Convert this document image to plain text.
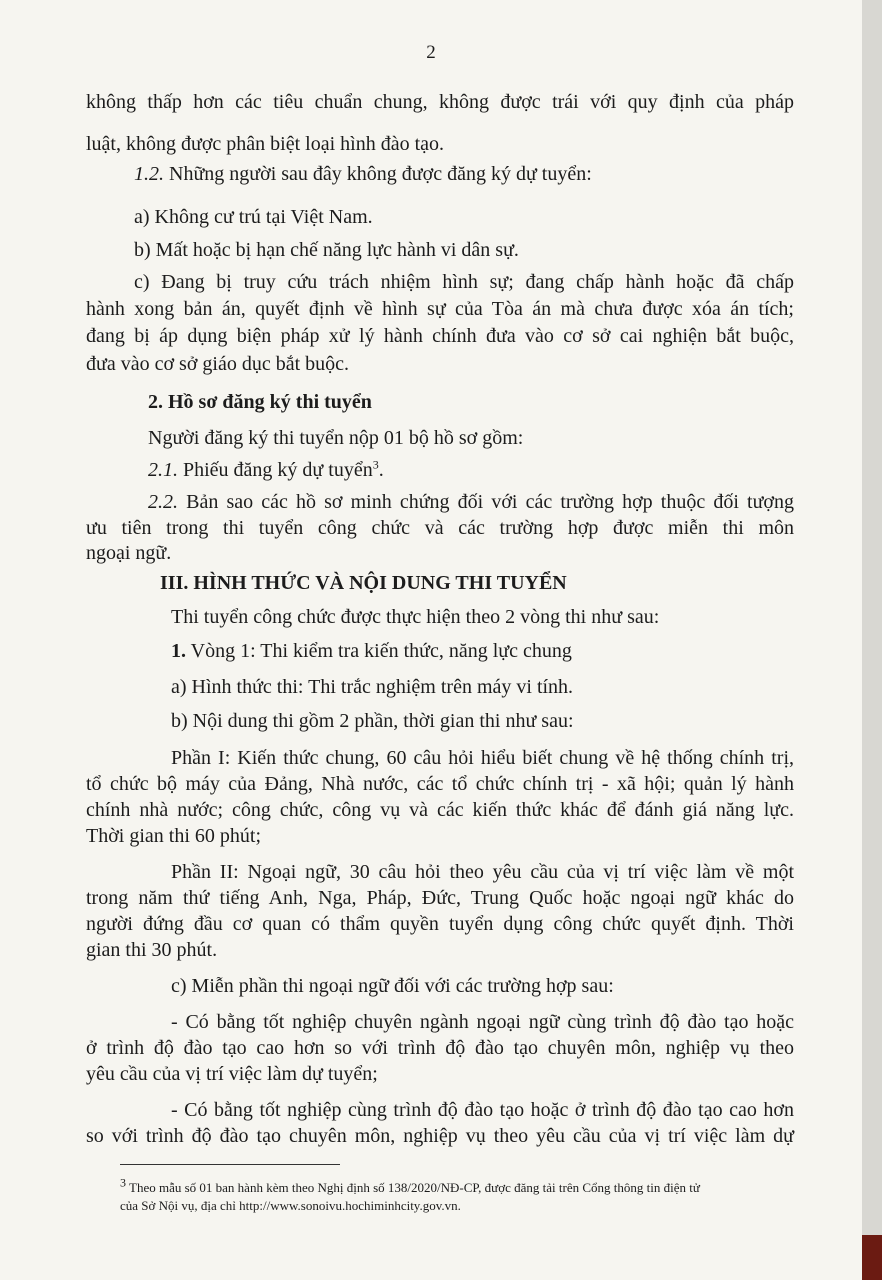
2
không thấp hơn các tiêu chuẩn chung, không được trái với quy định của pháp
luật, không được phân biệt loại hình đào tạo.
1.2. Những người sau đây không được đăng ký dự tuyển:
a) Không cư trú tại Việt Nam.
b) Mất hoặc bị hạn chế năng lực hành vi dân sự.
c) Đang bị truy cứu trách nhiệm hình sự; đang chấp hành hoặc đã chấp
hành xong bản án, quyết định về hình sự của Tòa án mà chưa được xóa án tích;
đang bị áp dụng biện pháp xử lý hành chính đưa vào cơ sở cai nghiện bắt buộc,
đưa vào cơ sở giáo dục bắt buộc.
2. Hồ sơ đăng ký thi tuyển
Người đăng ký thi tuyển nộp 01 bộ hồ sơ gồm:
2.1. Phiếu đăng ký dự tuyển$^3$.
2.2. Bản sao các hồ sơ minh chứng đối với các trường hợp thuộc đối tượng
ưu tiên trong thi tuyển công chức và các trường hợp được miễn thi môn
ngoại ngữ.
III. HÌNH THỨC VÀ NỘI DUNG THI TUYỂN
Thi tuyển công chức được thực hiện theo 2 vòng thi như sau:
1. Vòng 1: Thi kiểm tra kiến thức, năng lực chung
a) Hình thức thi: Thi trắc nghiệm trên máy vi tính.
b) Nội dung thi gồm 2 phần, thời gian thi như sau:
Phần I: Kiến thức chung, 60 câu hỏi hiểu biết chung về hệ thống chính trị,
tổ chức bộ máy của Đảng, Nhà nước, các tổ chức chính trị - xã hội; quản lý hành
chính nhà nước; công chức, công vụ và các kiến thức khác để đánh giá năng lực.
Thời gian thi 60 phút;
Phần II: Ngoại ngữ, 30 câu hỏi theo yêu cầu của vị trí việc làm về một
trong năm thứ tiếng Anh, Nga, Pháp, Đức, Trung Quốc hoặc ngoại ngữ khác do
người đứng đầu cơ quan có thẩm quyền tuyển dụng công chức quyết định. Thời
gian thi 30 phút.
c) Miễn phần thi ngoại ngữ đối với các trường hợp sau:
- Có bằng tốt nghiệp chuyên ngành ngoại ngữ cùng trình độ đào tạo hoặc
ở trình độ đào tạo cao hơn so với trình độ đào tạo chuyên môn, nghiệp vụ theo
yêu cầu của vị trí việc làm dự tuyển;
- Có bằng tốt nghiệp cùng trình độ đào tạo hoặc ở trình độ đào tạo cao hơn
so với trình độ đào tạo chuyên môn, nghiệp vụ theo yêu cầu của vị trí việc làm dự
$^3$ Theo mẫu số 01 ban hành kèm theo Nghị định số 138/2020/NĐ-CP, được đăng tải trên Cổng thông tin điện tử
của Sở Nội vụ, địa chỉ http://www.sonoivu.hochiminhcity.gov.vn.
